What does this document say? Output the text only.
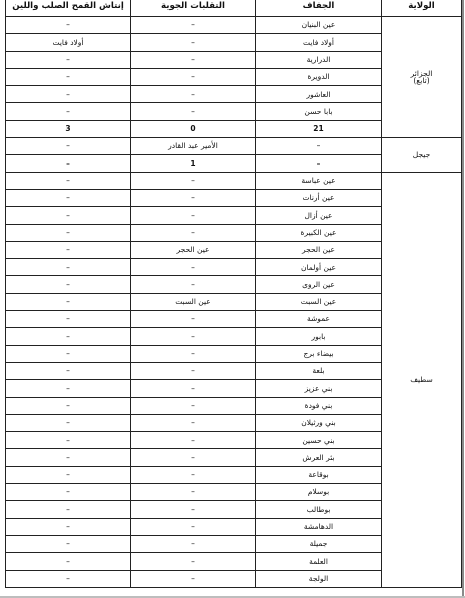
الولاية	الجفاف	التقلبات الجوية	إنتاش القمح الصلب واللين

الجزائر
(تابع)	عين البنيان	–	–
	أولاد فايت	–	أولاد فايت
	الدرارية	–	–
	الدويرة	–	–
	العاشور	–	–
	بابا حسن	–	–
	21	0	3

جيجل	–	الأمير عبد القادر	–
	–	1	–

سطيف	عين عباسة	–	–
	عين أرنات	–	–
	عين أزال	–	–
	عين الكبيرة	–	–
	عين الحجر	عين الحجر	–
	عين أولمان	–	–
	عين الروى	–	–
	عين السبت	عين السبت	–
	عموشة	–	–
	بابور	–	–
	بيضاء برج	–	–
	بلعة	–	–
	بني عزيز	–	–
	بني فودة	–	–
	بني ورثيلان	–	–
	بني حسين	–	–
	بئر العرش	–	–
	بوقاعة	–	–
	بوسلام	–	–
	بوطالب	–	–
	الدهامشة	–	–
	جميلة	–	–
	العلمة	–	–
	الولجة	–	–
